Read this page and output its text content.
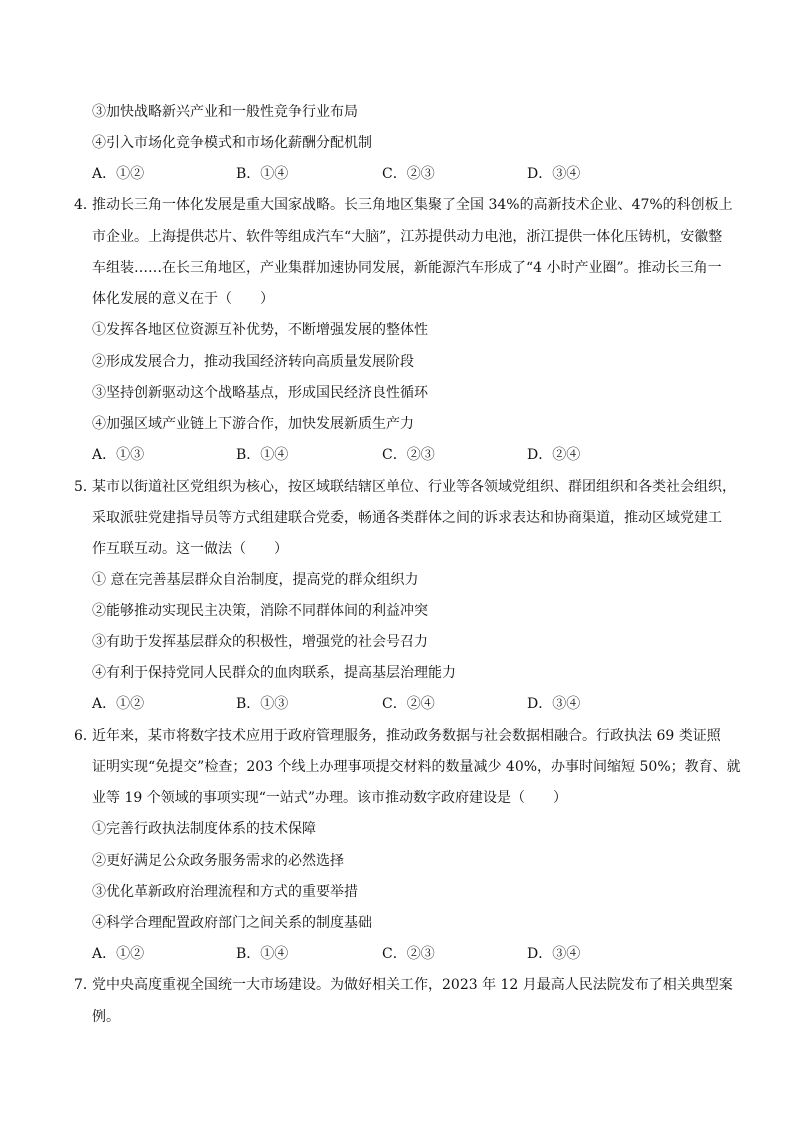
③加快战略新兴产业和一般性竞争行业布局
④引入市场化竞争模式和市场化薪酬分配机制
A．①②	B．①④	C．②③	D．③④
4．
推动长三角一体化发展是重大国家战略。长三角地区集聚了全国 34%的高新技术企业、47%的科创板上
市企业。上海提供芯片、软件等组成汽车“大脑”，江苏提供动力电池，浙江提供一体化压铸机，安徽整
车组装……在长三角地区，产业集群加速协同发展，新能源汽车形成了“4 小时产业圈”。推动长三角一
体化发展的意义在于（　　）
①发挥各地区位资源互补优势，不断增强发展的整体性
②形成发展合力，推动我国经济转向高质量发展阶段
③坚持创新驱动这个战略基点，形成国民经济良性循环
④加强区域产业链上下游合作，加快发展新质生产力
A．①③	B．①④	C．②③	D．②④
5．
某市以街道社区党组织为核心，按区域联结辖区单位、行业等各领域党组织、群团组织和各类社会组织，
采取派驻党建指导员等方式组建联合党委，畅通各类群体之间的诉求表达和协商渠道，推动区域党建工
作互联互动。这一做法（　　）
① 意在完善基层群众自治制度，提高党的群众组织力
②能够推动实现民主决策，消除不同群体间的利益冲突
③有助于发挥基层群众的积极性，增强党的社会号召力
④有利于保持党同人民群众的血肉联系，提高基层治理能力
A．①②	B．①③	C．②④	D．③④
6．
近年来，某市将数字技术应用于政府管理服务，推动政务数据与社会数据相融合。行政执法 69 类证照
证明实现“免提交”检查；203 个线上办理事项提交材料的数量减少 40%，办事时间缩短 50%；教育、就
业等 19 个领域的事项实现“一站式”办理。该市推动数字政府建设是（　　）
①完善行政执法制度体系的技术保障
②更好满足公众政务服务需求的必然选择
③优化革新政府治理流程和方式的重要举措
④科学合理配置政府部门之间关系的制度基础
A．①②	B．①④	C．②③	D．③④
7．
党中央高度重视全国统一大市场建设。为做好相关工作，2023 年 12 月最高人民法院发布了相关典型案
例。
